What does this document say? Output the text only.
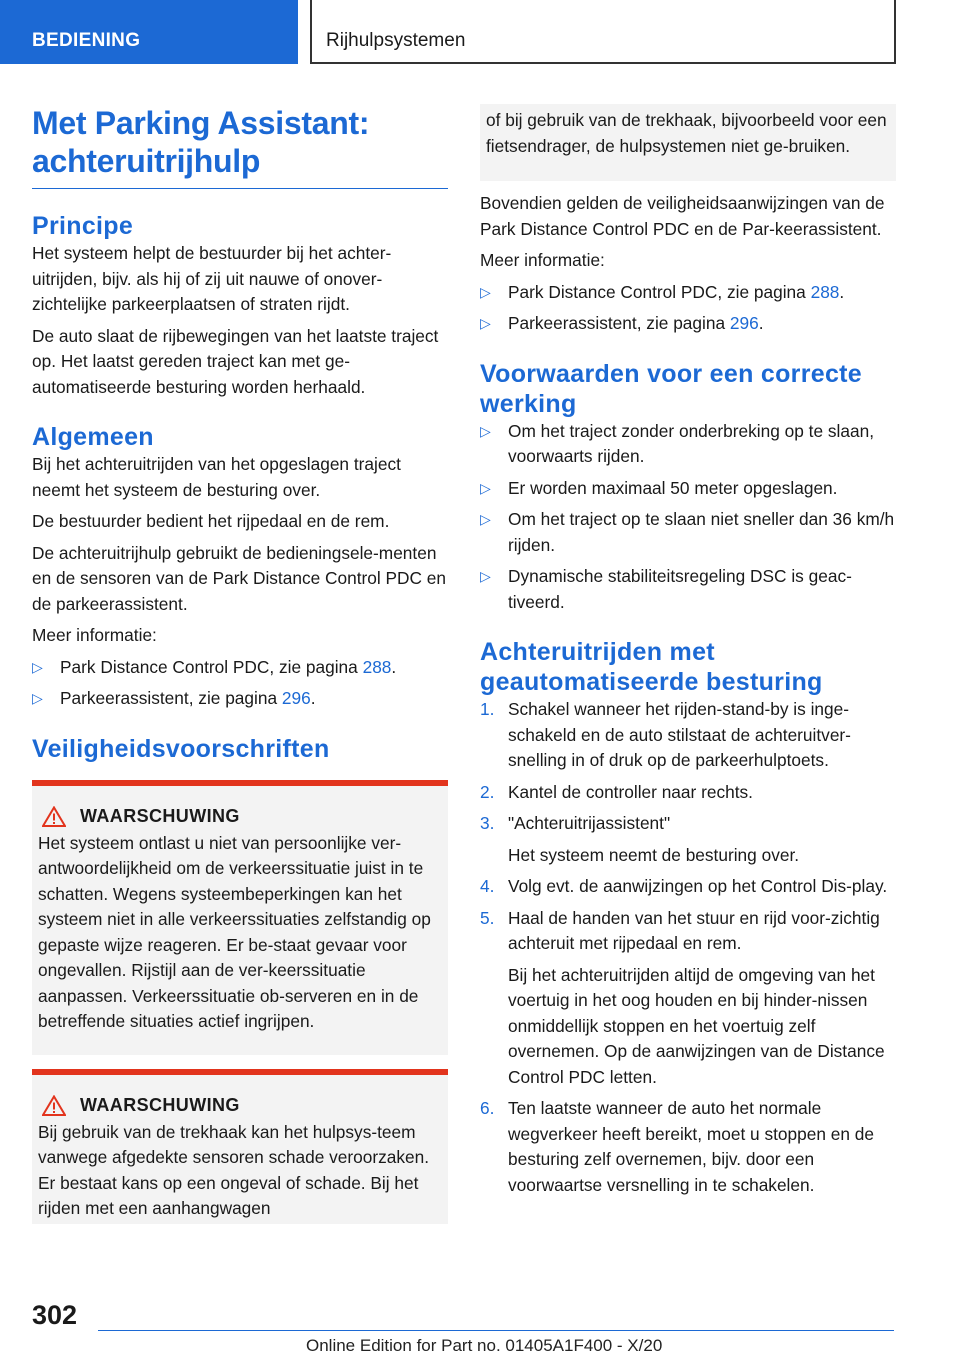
BEDIENING	Rijhulpsystemen
Met Parking Assistant:
achteruitrijhulp
Principe

Het systeem helpt de bestuurder bij het achter-uitrijden, bijv. als hij of zij uit nauwe of onover-zichtelijke parkeerplaatsen of straten rijdt.

De auto slaat de rijbewegingen van het laatste traject op. Het laatst gereden traject kan met ge-automatiseerde besturing worden herhaald.

Algemeen

Bij het achteruitrijden van het opgeslagen traject neemt het systeem de besturing over.

De bestuurder bedient het rijpedaal en de rem.

De achteruitrijhulp gebruikt de bedieningsele-menten en de sensoren van de Park Distance Control PDC en de parkeerassistent.

Meer informatie:

▷ Park Distance Control PDC, zie pagina 288.
▷ Parkeerassistent, zie pagina 296.
Veiligheidsvoorschriften
WAARSCHUWING

Het systeem ontlast u niet van persoonlijke ver-antwoordelijkheid om de verkeerssituatie juist in te schatten. Wegens systeembeperkingen kan het systeem niet in alle verkeerssituaties zelfstandig op gepaste wijze reageren. Er be-staat gevaar voor ongevallen. Rijstijl aan de ver-keerssituatie aanpassen. Verkeerssituatie ob-serveren en in de betreffende situaties actief ingrijpen.

WAARSCHUWING

Bij gebruik van de trekhaak kan het hulpsys-teem vanwege afgedekte sensoren schade veroorzaken. Er bestaat kans op een ongeval of schade. Bij het rijden met een aanhangwagen

of bij gebruik van de trekhaak, bijvoorbeeld voor een fietsendrager, de hulpsystemen niet ge-bruiken.

Bovendien gelden de veiligheidsaanwijzingen van de Park Distance Control PDC en de Par-keerassistent.

Meer informatie:

▷ Park Distance Control PDC, zie pagina 288.
▷ Parkeerassistent, zie pagina 296.
Voorwaarden voor een correcte werking
▷ Om het traject zonder onderbreking op te slaan, voorwaarts rijden.
▷ Er worden maximaal 50 meter opgeslagen.
▷ Om het traject op te slaan niet sneller dan 36 km/h rijden.
▷ Dynamische stabiliteitsregeling DSC is geac-tiveerd.
Achteruitrijden met geautomatiseerde besturing
1. Schakel wanneer het rijden-stand-by is inge-schakeld en de auto stilstaat de achteruitver-snelling in of druk op de parkeerhulptoets.
2. Kantel de controller naar rechts.
3. "Achteruitrijassistent"
Het systeem neemt de besturing over.
4. Volg evt. de aanwijzingen op het Control Dis-play.
5. Haal de handen van het stuur en rijd voor-zichtig achteruit met rijpedaal en rem.
Bij het achteruitrijden altijd de omgeving van het voertuig in het oog houden en bij hinder-nissen onmiddellijk stoppen en het voertuig zelf overnemen. Op de aanwijzingen van de Distance Control PDC letten.
6. Ten laatste wanneer de auto het normale wegverkeer heeft bereikt, moet u stoppen en de besturing zelf overnemen, bijv. door een voorwaartse versnelling in te schakelen.
302
Online Edition for Part no. 01405A1F400 - X/20
